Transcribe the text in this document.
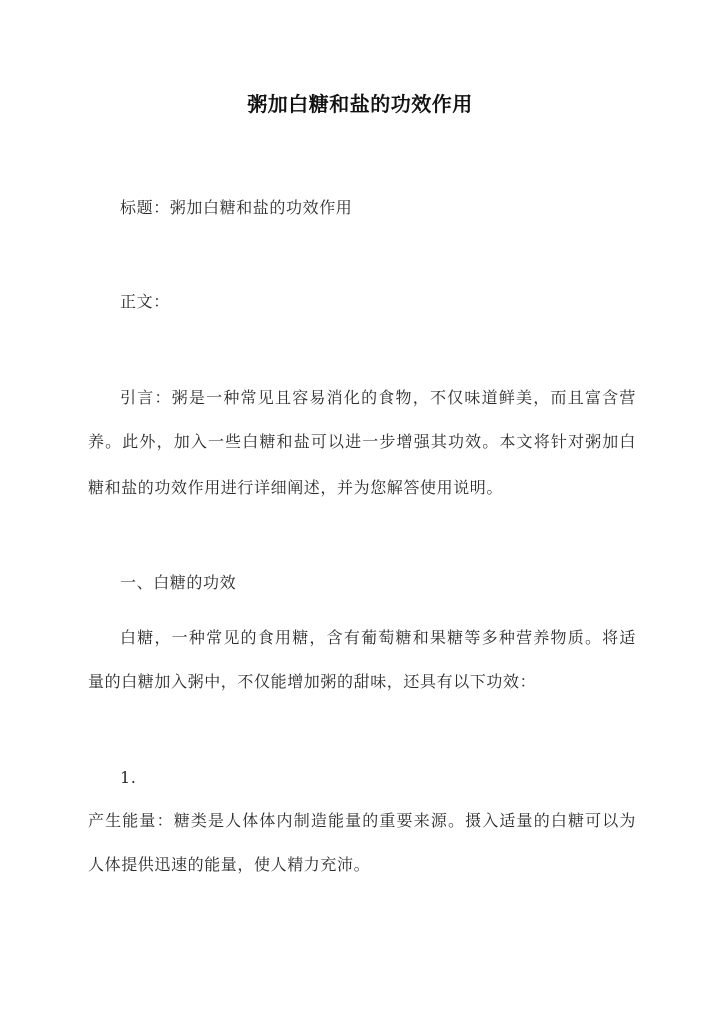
粥加白糖和盐的功效作用
标题：粥加白糖和盐的功效作用
正文：
引言：粥是一种常见且容易消化的食物，不仅味道鲜美，而且富含营
养。此外，加入一些白糖和盐可以进一步增强其功效。本文将针对粥加白
糖和盐的功效作用进行详细阐述，并为您解答使用说明。
一、白糖的功效
白糖，一种常见的食用糖，含有葡萄糖和果糖等多种营养物质。将适
量的白糖加入粥中，不仅能增加粥的甜味，还具有以下功效：
1.
产生能量：糖类是人体体内制造能量的重要来源。摄入适量的白糖可以为
人体提供迅速的能量，使人精力充沛。
